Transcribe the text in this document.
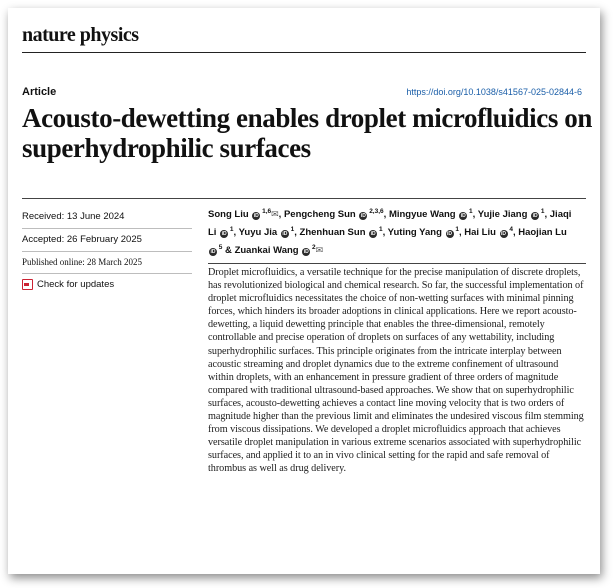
nature physics
Article	https://doi.org/10.1038/s41567-025-02844-6
Acousto-dewetting enables droplet microfluidics on superhydrophilic surfaces
Received: 13 June 2024
Accepted: 26 February 2025
Published online: 28 March 2025
Check for updates
Song Liu iD $^{1,6}$✉, Pengcheng Sun iD $^{2,3,6}$, Mingyue Wang iD $^1$, Yujie Jiang iD $^1$, Jiaqi Li iD $^1$, Yuyu Jia iD $^1$, Zhenhuan Sun iD $^1$, Yuting Yang iD $^1$, Hai Liu iD $^4$, Haojian Lu iD $^5$ & Zuankai Wang iD $^2$✉

Droplet microfluidics, a versatile technique for the precise manipulation of discrete droplets, has revolutionized biological and chemical research. So far, the successful implementation of droplet microfluidics necessitates the choice of non-wetting surfaces with minimal pinning forces, which hinders its broader adoptions in clinical applications. Here we report acousto-dewetting, a liquid dewetting principle that enables the three-dimensional, remotely controllable and precise operation of droplets on surfaces of any wettability, including superhydrophilic surfaces. This principle originates from the intricate interplay between acoustic streaming and droplet dynamics due to the extreme confinement of ultrasound within droplets, with an enhancement in pressure gradient of three orders of magnitude compared with traditional ultrasound-based approaches. We show that on superhydrophilic surfaces, acousto-dewetting achieves a contact line moving velocity that is two orders of magnitude higher than the previous limit and eliminates the undesired viscous film stemming from viscous dissipations. We developed a droplet microfluidics approach that achieves versatile droplet manipulation in various extreme scenarios associated with superhydrophilic surfaces, and applied it to an in vivo clinical setting for the rapid and safe removal of thrombus as well as drug delivery.
